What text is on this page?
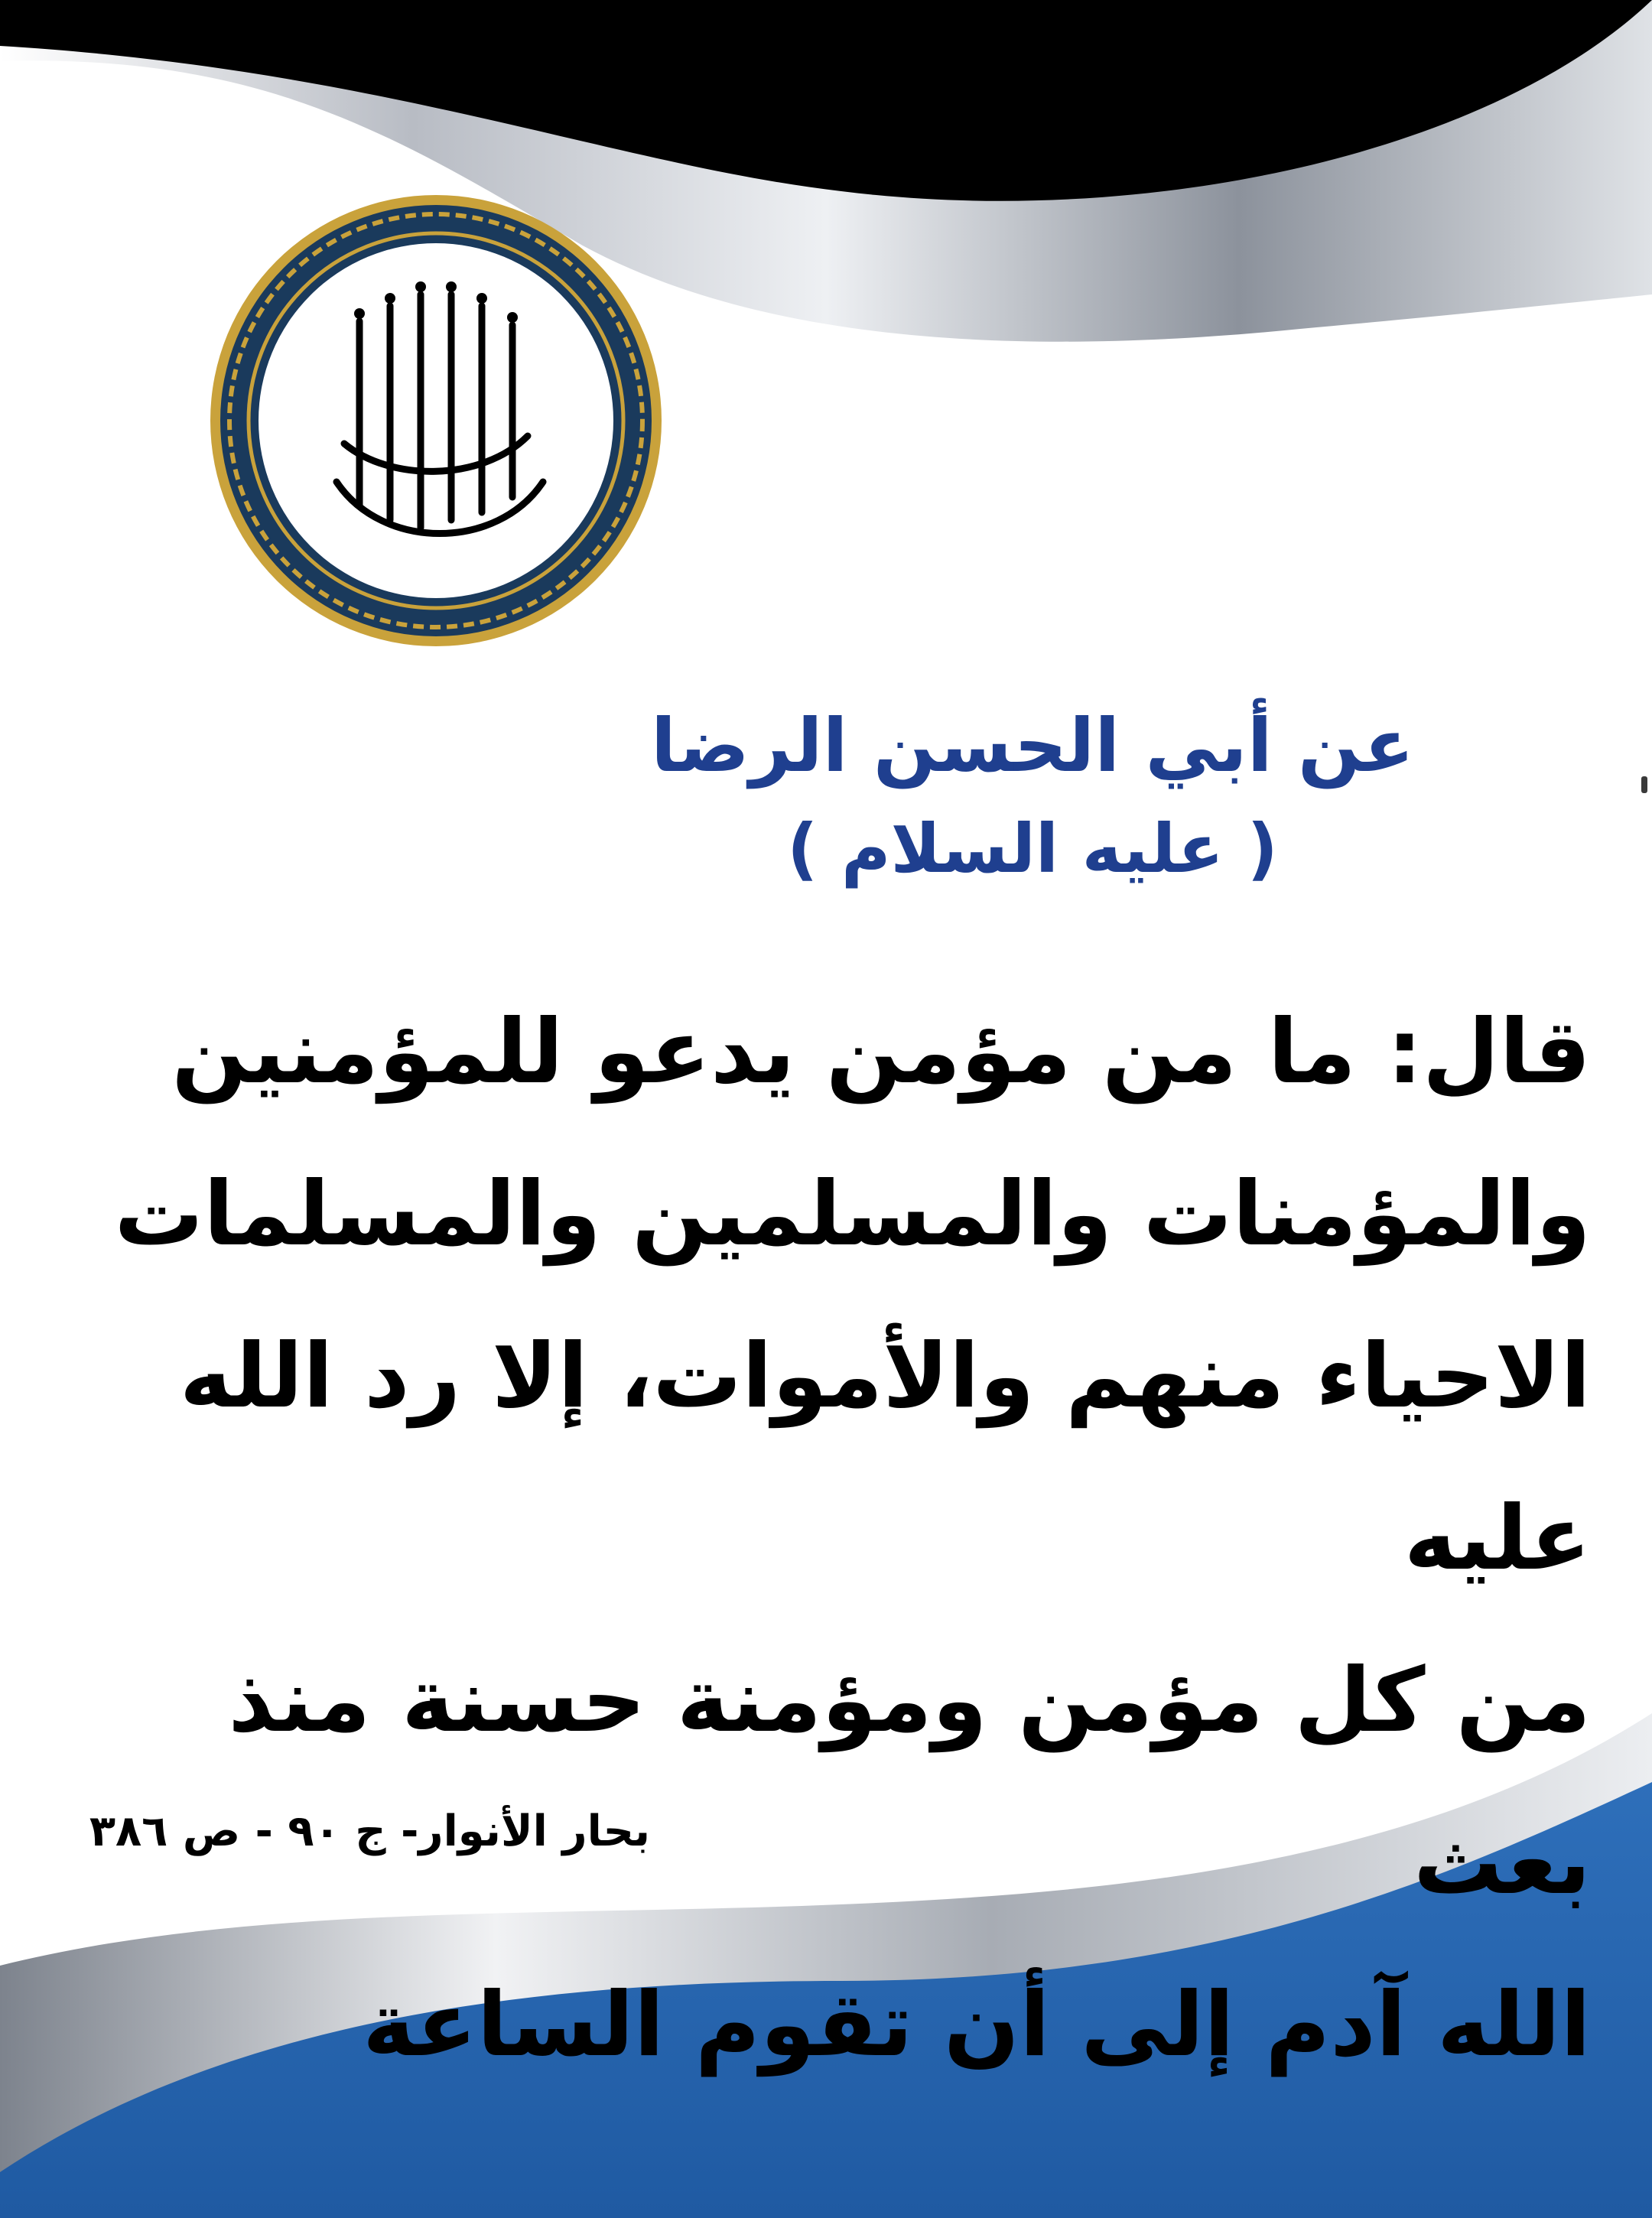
عن أبي الحسن الرضا
( عليه السلام )
قال: ما من مؤمن يدعو للمؤمنين
والمؤمنات والمسلمين والمسلمات
الاحياء منهم والأموات، إلا رد الله عليه
من كل مؤمن ومؤمنة حسنة منذ بعث
الله آدم إلى أن تقوم الساعة
بحار الأنوار- ج ٩٠ - ص ٣٨٦
